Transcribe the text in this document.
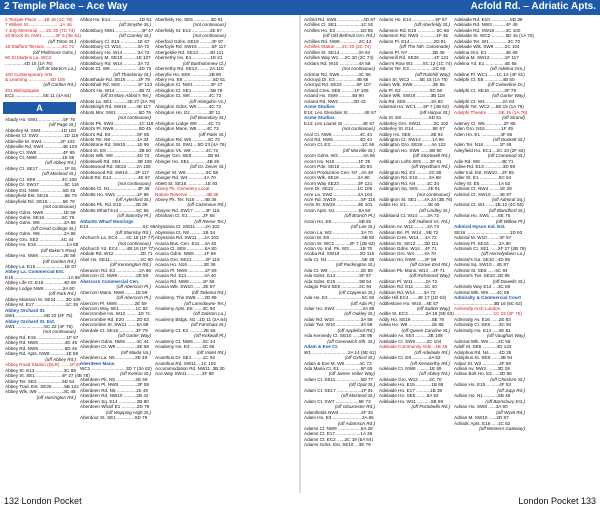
2 Temple Place – Ace Way	Acfold Rd. – Adriatic Apts.
2 Temple Place .....4B 16 (1C 78)
7 Wilkes St ........................1A 46
7 July Memorial ......2C 20 (7C 74)
10 Brock St. NW1 ..........3F 5 (3E 61)
(off Triton St.)
18 Stafford Terrace .............4C 72
(off Phillimore Gdns.)
60 St Martins La. WC2
...............4D 15 (1A 76)
(off St Martin's La.)
100 Contemporary Arts
& Learning .................4D 105
(off Carlton Rd.)
201 Bishopsgate
EC2 ......................5E 11 (4A 64)
A
Abady Ho. SW1 ...................5F 75
(off Page St.)
Abberley M. SW4 ...............1D 103
Abbess Cl. SW2 ...................1D 119
Abbeville M. SW4 ..............2F 103
Abbeville Rd. SW4 ..............4E 103
Abbey Cl. SW8 ....................4F 89
Abbey Ct. NW8 ...................1E 59
(off Abbey Rd.)
Abbey Ct. SE17 ....................1F 91
(off Macleod St.)
Abbey Ct. SE8 ....................4C 108
Abbey Dr. SW17 ...................5C 116
Abbey Est. NW8 ..................5D 45
Abbeyfield Est. SE16 ............5E 79
Abbeyfield Rd. SE16 ...........5E 79
(not continuous)
Abbey Gdns. NW8 ...............1E 59
Abbey Gdns. SE16 .............5C 78
Abbey Gdns. W6 ..................2A 86
(off Great College St.)
Abbey Gdns. W6 ..................2A 86
Abbey Gro. SE2 .................4C 44
Abbey Ho. E15 .......................1A 68
(off Baker's Row)
Abbey Ho. NW8 ...................2E 59
(off Garden Rd.)
Abbey La. E15 ......................1E 67
Abbey La. Commercial Est.
E15 ..........................................1A 68
Abbey Life Ct. E16 ...............4D 69
Abbey Lodge NW8 ..............2A 60
(off Park Rd.)
Abbey Mansion M. SE24 .......3D 105
Abbey M. E17 ........................1C 38
Abbey Orchard St.
SW1 ......................5B 22 (4F 75)
Abbey Orchard St. Est.
SW1 ......................5C 22 (4F 75)
(not continuous)
Abbey Rd. E15 .......................1F 67
Abbey Rd. NW6 ....................4D 45
Abbey Rd. NW8 ....................5D 45
Abbey Rd. Apts. NW8 ............1E 59
(off Abbey Rd.)
Abbey Road Station (DLR) .......1F 67
Abbey St. E13 ......................3C 68
Abbey St. SE1 ....................4F 27 (4B 78)
Abbey Ter. SE2 ...................5D 54
Abbey Trad. Est. SE26 .........5B 122
Abbey Wlk. W9 ....................3C 48
(off Harrington Rd.)
Abbot Ho. E14 ......................1D 81
(off Smythe St.)
Abbotsbury NW1 ....................4F 47
(off Camley St.)
Abbotsbury Cl. E15 .............1E 67
Abbotsbury Cl. W14 ............3A 72
Abbotsbury Ho. W14 ...........3A 72
Abbotsbury M. SE15 ..........1E 107
Abbotsbury Rd. W14 ...........3A 72
Abbots Ct. W8 ......................4D 73
(off Thackeray St.)
Abbotshade Rd. SE16 .........2F 79
Abbotshall Rd. SE6 .............1F 123
Abbot's Ho. W14 ..................4B 72
(off St Mary Abbot's Ter.)
Abbots La. SE1 ...........2E 27 (2A 78)
Abbotsleigh Rd. SW16 .......4E 117
Abbots Mnr. SW1 .................5D 75
(not continuous)
Abbots Pk. SW2 ...................1C 118
Abbot's Pl. NW6 ...................5D 45
Abbot's Rd. E6 ....................5F 55
Abbots Ter. N8 ....................1A 34
Abbotstone Rd. SW15 ........1E 99
Abbot St. E8 .........................3B 50
Abbots Wlk. W8 ..................4D 73
Abbotswell Rd. SE4 ............3B 108
Abbotswood Rd. SE22 .......2A 106
Abbotswood Rd. SW16 .....3F 117
Abbott Rd. E14 ....................4E 67
(not continuous)
Abbotts Cl. N1 .....................3F 49
Abbotts Ho. SW1 ................1F 89
(off Aylesford St.)
Abbotts Pk. Rd. E10 ..........2E 39
Abbotts Wharf E14 .............5C 66
(off Stainsby Pl.)
Abbotts Wharf Moorings
E14 ..........................................5C 66
(off Stainsby Rd.)
Abchurch La. EC4 ......4C 18 (1F 77)
(not continuous)
Abchurch Yd. EC4 ......4B 18 (1F 77)
Abdale Rd. W12 ....................2D 71
Abel Ho. SE11 .......................2C 90
(off Kennington Rd.)
Aberavon Rd. E3 ..................2A 66
Abercorn Cl. NW8 ..............2E 59
Abercorn Commercial Cen.
(off Abercorn Pl.)
Abercorn Mans. NW8 ........1E 59
(off Abercorn Pl.)
Abercorn Pl. NW8 .............2E 59
Abercorn Way SE1 ............1C 92
Abercrombie Ho. W12 .........1D 71
Abercrombie Rd. E20 .........2D 53
Abercrombie St. SW11 .......5A 88
Aberdale Ct. SE16 .............3F 79
(off Garter Way)
Aberdeen Gdns. NW6 ........4C 44
Aberdeen Ct. W9 ................3E 59
(off Maida Va.)
Aberdeen La. N5 ...............2E 49
Aberdeen Mans.
WC1 ...........................3D 7 (3A 62)
(off Kenton St.)
Aberdeen Pk. N5 ...............2E 49
Aberdeen Pl. NW8 ..............3F 59
Aberdeen Rd. N5 ...............1E 49
Aberdeen Rd. NW10 ..........2B 42
Aberdeen Sq. E14 ..............2B 80
Aberdeen Wharf E1 ............2D 79
(off Wapping High St.)
Aberdour St. SE1 ..............5D 79
Aberfeldy Ho. SE5 .............3D 91
(not continuous)
Aberfeldy St. E14 ..............4E 67
(not continuous)
Aberford Gdns. SE18 .........4F 97
Aberfoyle Rd. SW16 ...........5F 117
Abergeldie Rd. SE12 ........4D 111
Abernethy Ho. E1 ..............1E 21
(off Bartholomew Cl.)
Abernethy Rd. SE13 .........2A 110
Aberyfw Ho. SE8 ..............2B 90
Abery Ho. E8 .......................5D 51
Abingdon Cl. NW1 .............3F 47
Abingdon Cl. SE1 ..............5B 78
Abingdon Ct. W8 ..............4C 72
(off Abingdon Vs.)
Abingdon Gdns. W8 .........4C 72
Abingdon Ho. E2 ..............3F 11
(off Boundary St.)
Abingdon Lodge W8 ........4C 72
Abingdon Mans. W8 .......4C 72
(off Pater St.)
Abingdon Rd. W8 ............4C 72
Abingdon St. SW1 ...5D 23 (4A 76)
Abingdon Vs. W8 ...........4C 72
Abinger Gro. SE8 ............2B 94
Abinger Ho. SE1 .............4B 26
(off Gt. Dover St.)
Abinger M. W9 ...............3C 58
Abinger Rd. W4 ............4A 70
Ablett St. SE16 ..............1E 93
Abney Pk. Cemetery Local
Nature Reserve ..............4B 36
Abney Pk. Ter. N16 .......4B 36
(off Cazenove Rd.)
Aboyne Rd. SW17 .........3F 115
Abraham Ct. E1 ...........2F 65
(off Reese Ter.)
Abyssinia Cl. SW11 .......2A 102
Abyssinia Ct. N8 ..........1B 34
Abyssinia Rd. SW11 .....2A 102
Acacia Bus. Cen. E11 ...4A 40
Acacia Cl. SE8 ..............5A 80
Acacia Gdns. NW8 .......1F 59
Acacia Gro. SE21 ..........2F 119
Acacia Ho. N16 ............2E 36
Acacia Pl. NW8 .............1F 59
Acacia Rd. E11 .............4A 40
Acacia Rd. NW8 ..........1F 59
Acacia Wlk. SW10 .......3E 87
(off Tadema Rd.)
Academy, The SW8 ......2D 89
(off Lansdowne Ter.)
Academy Apts. E8 .......3C 50
(off Dalston La.)
Academy Bldgs. N1 ..1D 11 (2A 64)
(off Fanshaw St.)
Academy Ct. E2 ...........2E 65
(off Kirkwall Pl.)
Academy Ct. NW6 .......5C 44
Academy Ho. E3 .........4C 66
(off Violet Rd.)
Acanthus Dr. SE1 ........1C 92
Acanthus Rd. SW11 ...1C 102
Accommodation Rd. NW11 .3B 30
Ace Way SW11 ...........2F 89
Acfold Rd. SW6 ....................4D 87
Achilles Cl. SE1 ..................1C 92
Achilles Ho. E2 ...................1D 65
(off Old Bethnal Grn. Rd.)
Achilles Rd. NW6 ..............2C 44
Achilles Statue .....2C 20 (2C 74)
Achilles St. SE14 ..............3A 94
Achilles Way W1 ....2C 20 (2C 74)
Acklam Rd. W10 ...............4A 58
(not continuous)
Ackmar Rd. SW6 ..............4C 86
Ackroyd Dr. E3 ................4B 66
Ackroyd Rd. SE23 ...........5F 107
Acland Cres. SE5 ..........1F 105
Acland Ho. SW9 ..........4B 90
Acland Rd. NW2 ...........3D 43
Acme Studios
E14: Leo Glendale St ............4E 67
Acme Studios
E14: Leo Laurel St ...............4E 67
(not continuous)
Acol Ct. NW6 .....................4C 44
Acol Rd. NW6 ....................4D 44
Acorn Ct. E3 ........................1C 66
(off Morville St.)
Acorn Gdns. W3 ...................4A 56
Acorn Ho. N16 ..................1F 35
Acorn Pde. SE15 ...............3D 93
Acorn Production Cen. N7 ..4A 48
Acorn Wlk. SE16 ..............2A 80
Acorn Way SE23 ..............3F 121
Acre Dr. SE22 ..................1C 106
Acre La. SW2 ...................2A 104
Acre Rd. SW19 ...................5F 115
Acris St. SW18 .................3E 101
Acton Apts. N1 ..................5A 50
(off Branch Pl.)
Acton Ho. E8 .....................5B 50
(off Lee St.)
Acton La. W3 ......................3A 70
Acton M. E8 .........................5B 50
Acton St. WC1 ...........2F 7 (2B 62)
Acton Vo. Ind. Pk. W3 ........1B 70
Acuba Rd. SW18 ...............2D 115
Ada Ct. N1 ...........................5E 49
(off Packington St.)
Ada Ct. W9 .........................2E 59
Ada Gdns. E14 ..................5F 67
Ada Gdns. E15 ..................5B 54
Adagio Point SE8 ..............2C 94
(off Copperas St.)
Ada Ho. E2 ..........................5C 50
(off Ada Pl.)
Adair Ho. SW3 .....................2A 88
(off Oakley St.)
Adair Rd. W10 ....................3A 58
Adair Twr. W10 ...................3A 58
(off Appleford Rd.)
Ada Kennedy Ct. SE10 ......3E 95
(off Greenwich Sth. St.)
Adam & Eve Ct.
W1 ............................2A 14 (5E 61)
(off Oxford St.)
Adam & Eve M. W8 ...........4C 72
Ada Maria Ct. E1 ................5F 65
(off James Voller Way)
Adam Ct. SE11 ...................5D 77
(off Opal St.)
Adam Ct. SE17 ...................1F 91
(off Macleod St.)
Adam Ct. SW7 ..................5E 73
(off Gloucester Rd.)
Adamfields NW3 .................4F 45
Adam Ho. E3 .......................2A 66
(off Adamson Rd.)
Adams Cl. NW9 ..................5A 28
Adams Ct. E17 ...................1A 38
Adams Ct. EC2 ......2C 18 (5A 64)
Adams Gdns. Est. SE16 ...3E 79
Adams Ho. E14 ..................5F 67
(off Aberfeldy St.)
Adamson Rd. E16 ...............5C 68
Adamson Rd. NW3 .............4F 45
Adams Pl. E14 ..................2D 81
(off The Nth. Colonnade)
Adams Pl. N7 ...................2B 48
Adamsrill Rd. SE26 ...........4F 121
Adam's Row W1 .......5C 12 (1C 74)
Adams Ter. E3 ..................2C 66
(off Rainhill Way)
Adam St. WC2 .......5E 15 (1A 76)
Adam Wlk. SW6 ...............3E 85
Ada Pl. E2 ......................5C 50
Adare Wlk. SW16 ...........3B 118
Ada Rd. SE5 ...................3A 92
Adastral Ho. WC1 .....5F 7 (4B 62)
(off Harpur St.)
Ada St. E8 .....................5D 51
Adderley Gro. SW11 .........3C 102
Adderley St. E14 ..............5E 67
Addey Ho. SE8 ...............2B 94
Addington Ct. SW14 ........1A 98
Addington Gro. SE26 ......4A 122
Addington Ho. SW9 .......5B 90
(off Stockwell Rd.)
Addington Lofts SE5 ......3F 91
(off Wyndham Rd.)
Addington Rd. E3 ..........2C 66
Addington Rd. E16 ........3A 68
Addington Rd. N4 ........1C 34
Addington Sq. SE5 .......2E 91
(not continuous)
Addington St. SE1 .....4A 24 (3B 76)
Addis Ho. E1 ................4E 65
(off Lindley St.)
Addisland Ct. W14 .......3A 72
(off Holland Vs. Rd.)
Addison Av. W11 ..........2A 72
Addison Bri. Pl. W14 ...5B 72
Addison Cres. W14 ....4A 72
Addison Dr. SE12 ......3D 111
Addison Gdns. W14 ...4F 71
Addison Gro. W4 .......4A 70
Addison Ho. NW8 ......2F 59
(off Grove End Rd.)
Addison Pk. Mans. W14 ...4F 71
(off Richmond Way)
Addison Pl. W11 .........2A 72
Addison Rd. E11 ........1C 40
Addison Rd. W14 ......3A 72
Addle Hill EC4 ......4E 17 (1D 63)
Addlestone Ho. W10 ...4E 57
(off Sutton Way)
Addle St. EC2 .............2A 18 (5E 63)
Addy Ho. SE16 ................5E 79
Adela Ho. W6 ..................1E 85
(off Queen Caroline St.)
Adelaide Av. SE4 ..........2B 108
Adelaide Cl. SW9 ........2C 104
Adelaide Community Gdn. .4B 48
(off Adelaide Rd.)
Adelaide Ct. E9 .............2A 52
(off Kenworthy Rd.)
Adelaide Ct. NW8 ..........1E 59
(off Abbey Rd.)
Adelaide Gro. W12 ........2C 70
Adelaide Ho. E15 ............1B 68
Adelaide Ho. E17 ...........1B 38
Adelaide Ho. SE5 ........5A 92
Adelaide Ho. W11 ...........5B 58
(off Portobello Rd.)
Adelaide Rd. E10 ...............5D 39
Adelaide Rd. NW3 ..........4F 45
Adelaide Rd. SW18 ........3C 100
Adelaide St. WC2 ...........5D 15 (1A 76)
Adelaide Ter. W1 ..............3C 70
Adelaide Wlk. SW9 ........2C 104
Adelina Gro. E1 ..............4E 65
Adelina M. SW12 ...........1F 117
Adelina Yd. E1 ...............4E 65
(off Adelina Gro.)
Adeline Pl. WC1 ......1C 14 (4F 61)
Adelphi Ct. E8 ..............4B 50
(off Celandine Dr.)
Adelphi Ct. SE16 ...........3F 79
(off Garter Way)
Adelphi Ct. W4 .............2A 84
Adelphi Ter. WC2 ....5E 15 (1A 76)
Adelphi Theatre .........5E 15 (1A 76)
(off Strand)
Adeney Cl. W6 ..............2F 85
Aden Gro. N16 ............1F 49
Aden Ho. E1 ...............4F 65
(off Duckett St.)
Aden Ter. N16 ............1F 49
Adeyfield Ho. EC1 ...2C 10 (2F 63)
(off Cranwood St.)
Adie Rd. W6 ................4E 71
Adine Rd. E13 ..............3D 69
Adler Ind. Est. NW10 ...2F 55
Adler St. E1 ...............5C 64
Adley St. E5 ..............1A 52
Admiral Ct. NW4 ........1E 29
Admiral Ct. SW10 ......4E 87
(off Admiral Sq.)
Admiral Ct. W1 .......1B 12 (4C 60)
(off Blandford St.)
Admiral Ho. SW1 ......5E 75
(off Willow Pl.)
Admiral Hyson Ind. Est.
SE16 ..................................1D 93
Admiral M. W10 .........3F 57
Admiral Pl. SE16 .......2A 80
Admirals Ct. SE1 ......2F 27 (2B 78)
(off Horselydown La.)
Admiral's Ga. SE10 ..4D 95
Admiral Sq. SW10 ...4E 87
Admiral St. SE8 ......5C 94
Admiral's Twr. SE10 .2D 95
(off Dowells St.)
Admirals Way E14 ....3C 80
Admiral Wlk. W9 ......4C 58
Admiralty & Commercial Court
...............................3B 16 (5C 62)
Admiralty Arch London
...............................1C 22 (2F 75)
Admiralty Av. E16 ......2E 83
Admiralty Cl. SE8 ......3C 94
Admiralty Ho. E14 .....3E 81
(off Vaughan Way)
Admiral Wlk. W9 .......4C 58
Adolf St. SE6 ...........4D 123
Adolphus Rd. N4 .......4D 35
Adolphus St. SE8 .......3B 94
Adpar St. W2 .............3F 59
Adrian Av. NW2 ........3D 29
Adrian Bolt Ho. E2 .....2D 65
(off Cheshire St.)
Adrian Ho. E15 ..........4F 53
(off Jupp Rd.)
Adrian Ho. N1 ...........5B 48
(off Barnsbury Est.)
Adrian Ho. SW8 ......3A 90
(off Wyvil Rd.)
Adrian M. SW10 ......2D 87
Adriatic Apts. E16 .....1C 82
(off Western Gateway)
132 London Pocket	London Pocket 133
